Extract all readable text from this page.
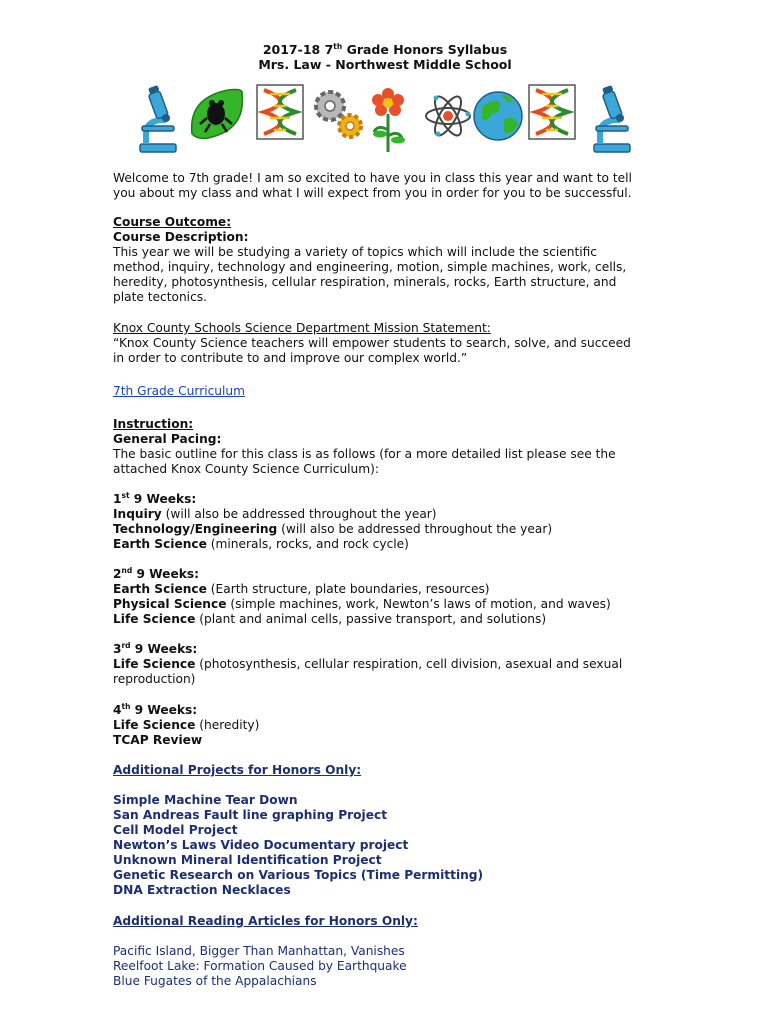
2017-18 7th Grade Honors Syllabus
Mrs. Law - Northwest Middle School
Welcome to 7th grade! I am so excited to have you in class this year and want to tell
you about my class and what I will expect from you in order for you to be successful.
Course Outcome:
Course Description:
This year we will be studying a variety of topics which will include the scientific
method, inquiry, technology and engineering, motion, simple machines, work, cells,
heredity, photosynthesis, cellular respiration, minerals, rocks, Earth structure, and
plate tectonics.
Knox County Schools Science Department Mission Statement:
“Knox County Science teachers will empower students to search, solve, and succeed
in order to contribute to and improve our complex world.”
7th Grade Curriculum
Instruction:
General Pacing:
The basic outline for this class is as follows (for a more detailed list please see the
attached Knox County Science Curriculum):
1st 9 Weeks:
Inquiry (will also be addressed throughout the year)
Technology/Engineering (will also be addressed throughout the year)
Earth Science (minerals, rocks, and rock cycle)
2nd 9 Weeks:
Earth Science (Earth structure, plate boundaries, resources)
Physical Science (simple machines, work, Newton’s laws of motion, and waves)
Life Science (plant and animal cells, passive transport, and solutions)
3rd 9 Weeks:
Life Science (photosynthesis, cellular respiration, cell division, asexual and sexual
reproduction)
4th 9 Weeks:
Life Science (heredity)
TCAP Review
Additional Projects for Honors Only:
Simple Machine Tear Down
San Andreas Fault line graphing Project
Cell Model Project
Newton’s Laws Video Documentary project
Unknown Mineral Identification Project
Genetic Research on Various Topics (Time Permitting)
DNA Extraction Necklaces
Additional Reading Articles for Honors Only:
Pacific Island, Bigger Than Manhattan, Vanishes
Reelfoot Lake: Formation Caused by Earthquake
Blue Fugates of the Appalachians
